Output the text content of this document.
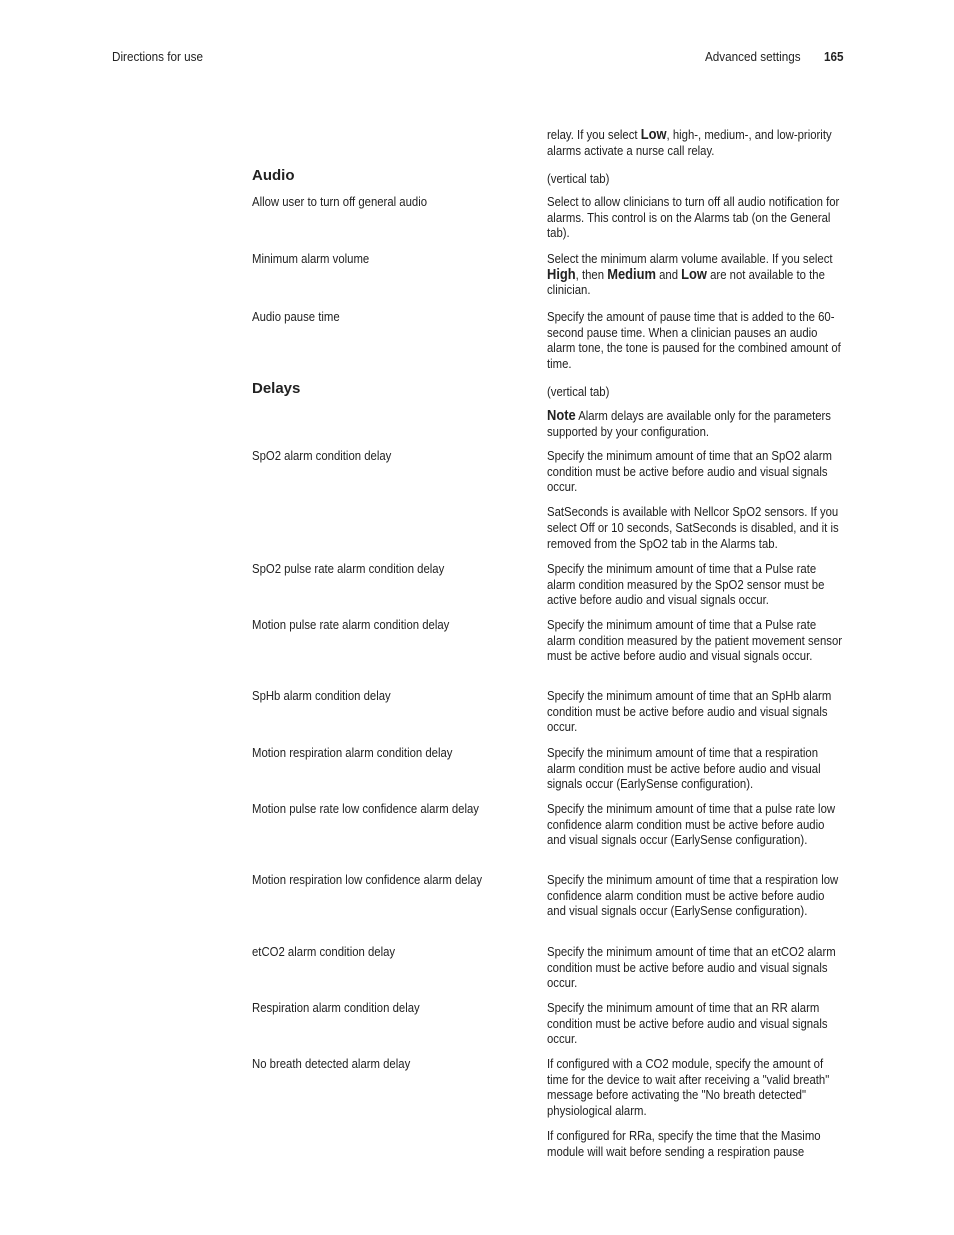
Directions for use	Advanced settings 165
relay. If you select Low, high-, medium-, and low-priority alarms activate a nurse call relay.
Audio	(vertical tab)
Allow user to turn off general audio	Select to allow clinicians to turn off all audio notification for alarms. This control is on the Alarms tab (on the General tab).
Minimum alarm volume	Select the minimum alarm volume available. If you select High, then Medium and Low are not available to the clinician.
Audio pause time	Specify the amount of pause time that is added to the 60-second pause time. When a clinician pauses an audio alarm tone, the tone is paused for the combined amount of time.
Delays	(vertical tab)
Note Alarm delays are available only for the parameters supported by your configuration.
SpO2 alarm condition delay	Specify the minimum amount of time that an SpO2 alarm condition must be active before audio and visual signals occur.
SatSeconds is available with Nellcor SpO2 sensors. If you select Off or 10 seconds, SatSeconds is disabled, and it is removed from the SpO2 tab in the Alarms tab.
SpO2 pulse rate alarm condition delay	Specify the minimum amount of time that a Pulse rate alarm condition measured by the SpO2 sensor must be active before audio and visual signals occur.
Motion pulse rate alarm condition delay	Specify the minimum amount of time that a Pulse rate alarm condition measured by the patient movement sensor must be active before audio and visual signals occur.
SpHb alarm condition delay	Specify the minimum amount of time that an SpHb alarm condition must be active before audio and visual signals occur.
Motion respiration alarm condition delay	Specify the minimum amount of time that a respiration alarm condition must be active before audio and visual signals occur (EarlySense configuration).
Motion pulse rate low confidence alarm delay	Specify the minimum amount of time that a pulse rate low confidence alarm condition must be active before audio and visual signals occur (EarlySense configuration).
Motion respiration low confidence alarm delay	Specify the minimum amount of time that a respiration low confidence alarm condition must be active before audio and visual signals occur (EarlySense configuration).
etCO2 alarm condition delay	Specify the minimum amount of time that an etCO2 alarm condition must be active before audio and visual signals occur.
Respiration alarm condition delay	Specify the minimum amount of time that an RR alarm condition must be active before audio and visual signals occur.
No breath detected alarm delay	If configured with a CO2 module, specify the amount of time for the device to wait after receiving a "valid breath" message before activating the "No breath detected" physiological alarm.
If configured for RRa, specify the time that the Masimo module will wait before sending a respiration pause
